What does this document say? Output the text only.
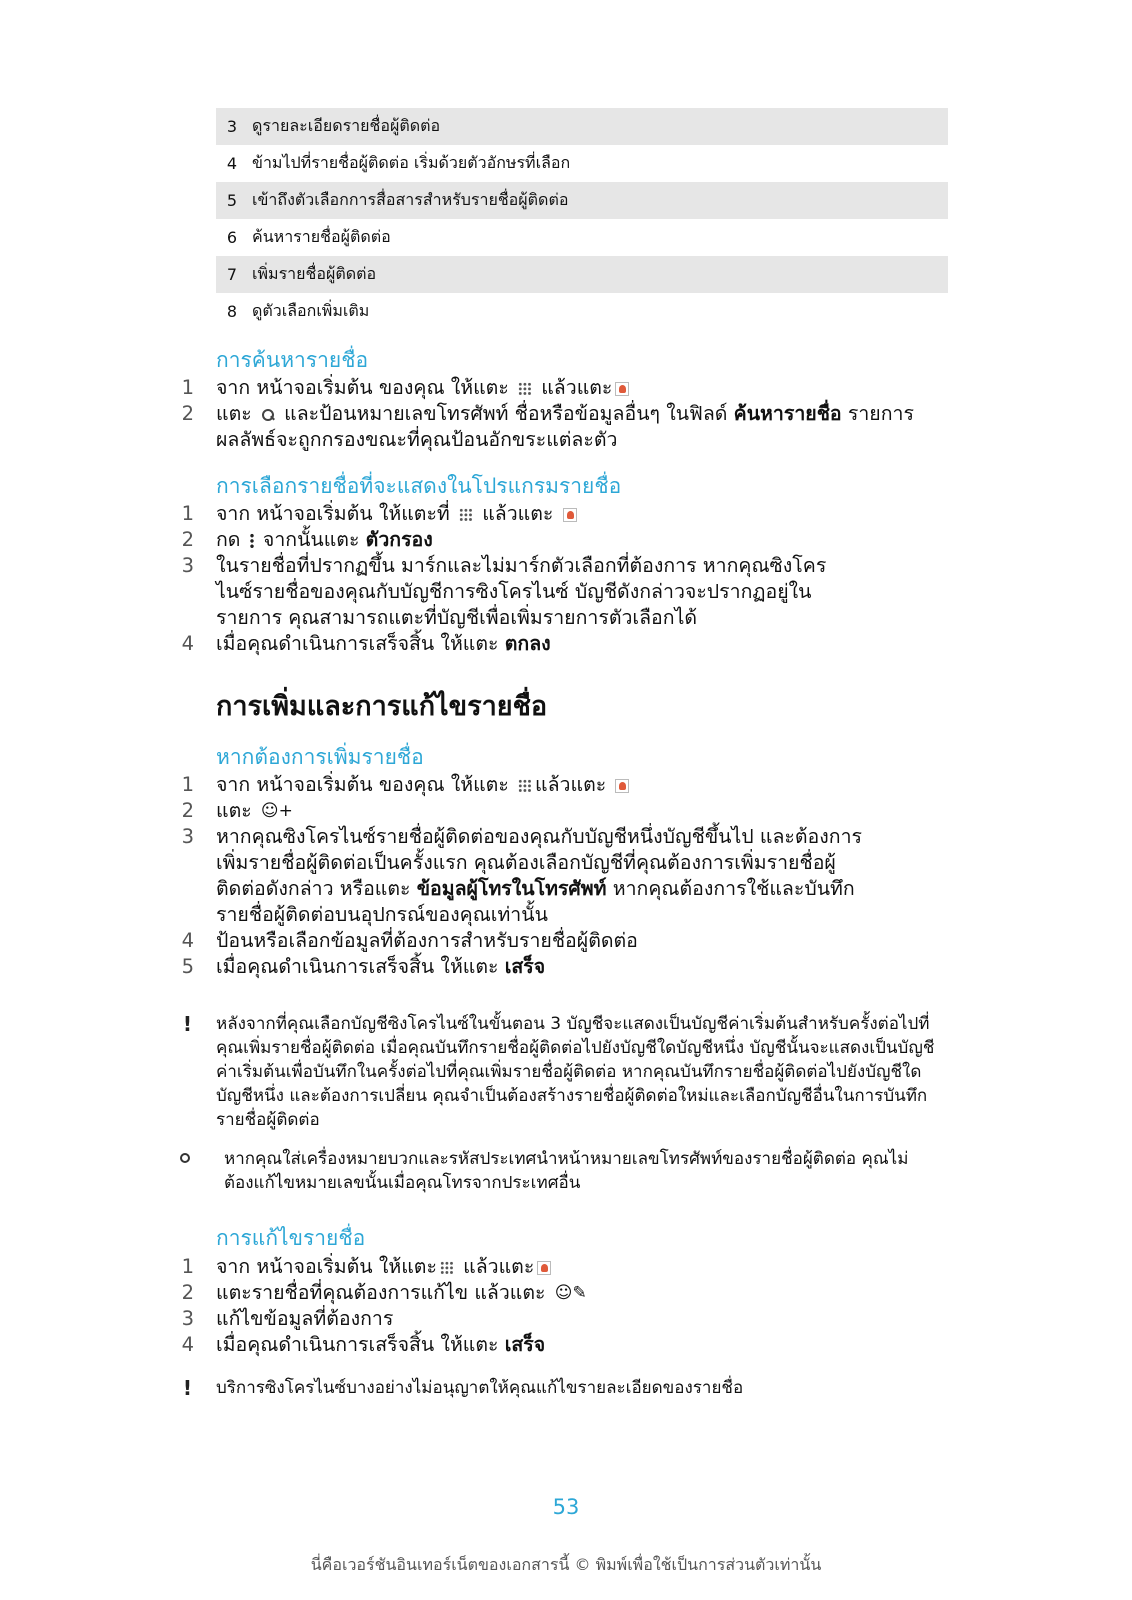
3 ดูรายละเอียดรายชื่อผู้ติดต่อ
4 ข้ามไปที่รายชื่อผู้ติดต่อ เริ่มด้วยตัวอักษรที่เลือก
5 เข้าถึงตัวเลือกการสื่อสารสำหรับรายชื่อผู้ติดต่อ
6 ค้นหารายชื่อผู้ติดต่อ
7 เพิ่มรายชื่อผู้ติดต่อ
8 ดูตัวเลือกเพิ่มเติม
การค้นหารายชื่อ
1	จาก หน้าจอเริ่มต้น ของคุณ ให้แตะ แล้วแตะ
2	แตะ และป้อนหมายเลขโทรศัพท์ ชื่อหรือข้อมูลอื่นๆ ในฟิลด์ ค้นหารายชื่อ รายการผลลัพธ์จะถูกกรองขณะที่คุณป้อนอักขระแต่ละตัว
การเลือกรายชื่อที่จะแสดงในโปรแกรมรายชื่อ
1	จาก หน้าจอเริ่มต้น ให้แตะที่ แล้วแตะ
2	กด จากนั้นแตะ ตัวกรอง
3	ในรายชื่อที่ปรากฏขึ้น มาร์กและไม่มาร์กตัวเลือกที่ต้องการ หากคุณซิงโครไนซ์รายชื่อของคุณกับบัญชีการซิงโครไนซ์ บัญชีดังกล่าวจะปรากฏอยู่ในรายการ คุณสามารถแตะที่บัญชีเพื่อเพิ่มรายการตัวเลือกได้
4	เมื่อคุณดำเนินการเสร็จสิ้น ให้แตะ ตกลง
การเพิ่มและการแก้ไขรายชื่อ
หากต้องการเพิ่มรายชื่อ
1	จาก หน้าจอเริ่มต้น ของคุณ ให้แตะ แล้วแตะ
2	แตะ ☺+
3	หากคุณซิงโครไนซ์รายชื่อผู้ติดต่อของคุณกับบัญชีหนึ่งบัญชีขึ้นไป และต้องการเพิ่มรายชื่อผู้ติดต่อเป็นครั้งแรก คุณต้องเลือกบัญชีที่คุณต้องการเพิ่มรายชื่อผู้ติดต่อดังกล่าว หรือแตะ ข้อมูลผู้โทรในโทรศัพท์ หากคุณต้องการใช้และบันทึกรายชื่อผู้ติดต่อบนอุปกรณ์ของคุณเท่านั้น
4	ป้อนหรือเลือกข้อมูลที่ต้องการสำหรับรายชื่อผู้ติดต่อ
5	เมื่อคุณดำเนินการเสร็จสิ้น ให้แตะ เสร็จ
!	หลังจากที่คุณเลือกบัญชีซิงโครไนซ์ในขั้นตอน 3 บัญชีจะแสดงเป็นบัญชีค่าเริ่มต้นสำหรับครั้งต่อไปที่คุณเพิ่มรายชื่อผู้ติดต่อ เมื่อคุณบันทึกรายชื่อผู้ติดต่อไปยังบัญชีใดบัญชีหนึ่ง บัญชีนั้นจะแสดงเป็นบัญชีค่าเริ่มต้นเพื่อบันทึกในครั้งต่อไปที่คุณเพิ่มรายชื่อผู้ติดต่อ หากคุณบันทึกรายชื่อผู้ติดต่อไปยังบัญชีใดบัญชีหนึ่ง และต้องการเปลี่ยน คุณจำเป็นต้องสร้างรายชื่อผู้ติดต่อใหม่และเลือกบัญชีอื่นในการบันทึกรายชื่อผู้ติดต่อ
หากคุณใส่เครื่องหมายบวกและรหัสประเทศนำหน้าหมายเลขโทรศัพท์ของรายชื่อผู้ติดต่อ คุณไม่ต้องแก้ไขหมายเลขนั้นเมื่อคุณโทรจากประเทศอื่น
การแก้ไขรายชื่อ
1	จาก หน้าจอเริ่มต้น ให้แตะ แล้วแตะ
2	แตะรายชื่อที่คุณต้องการแก้ไข แล้วแตะ ☺✎
3	แก้ไขข้อมูลที่ต้องการ
4	เมื่อคุณดำเนินการเสร็จสิ้น ให้แตะ เสร็จ
!	บริการซิงโครไนซ์บางอย่างไม่อนุญาตให้คุณแก้ไขรายละเอียดของรายชื่อ
53
นี่คือเวอร์ชันอินเทอร์เน็ตของเอกสารนี้ © พิมพ์เพื่อใช้เป็นการส่วนตัวเท่านั้น
